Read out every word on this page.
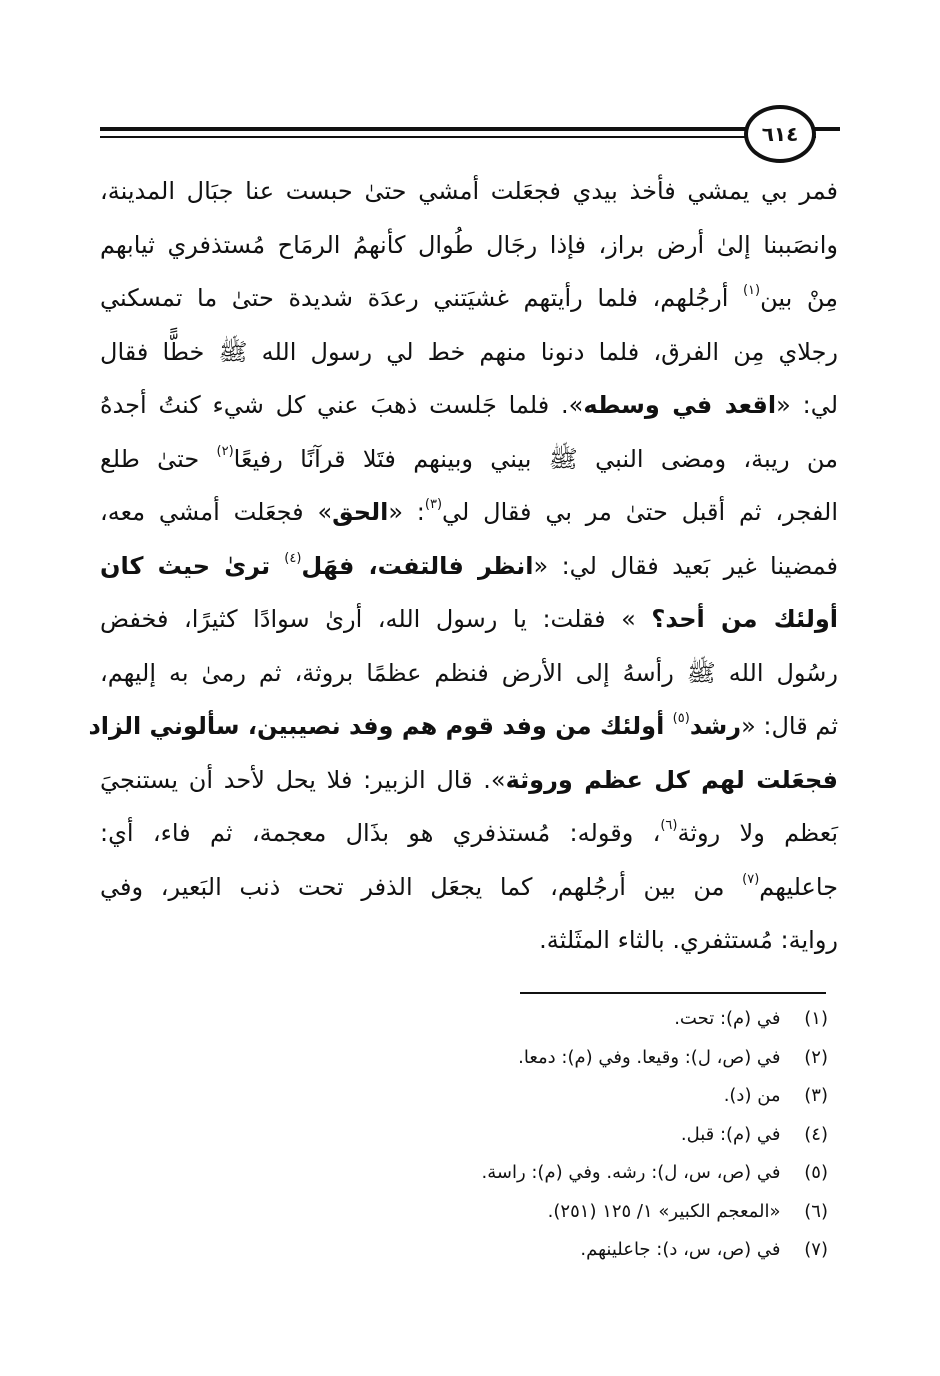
٦١٤
فمر بي يمشي فأخذ بيدي فجعَلت أمشي حتىٰ حبست عنا جبَال المدينة،
وانصَببنا إلىٰ أرض براز، فإذا رجَال طُوال كأنهمُ الرمَاح مُستذفري ثيابهم
مِنْ بين$^{(١)}$ أرجُلهم، فلما رأيتهم غشيَتني رعدَة شديدة حتىٰ ما تمسكني
رجلاي مِن الفرق، فلما دنونا منهم خط لي رسول الله ﷺ خطًّا فقال
لي: «اقعد في وسطه». فلما جَلست ذهبَ عني كل شيء كنتُ أجدهُ
من ريبة، ومضى النبي ﷺ بيني وبينهم فتَلا قرآنًا رفيعًا$^{(٢)}$ حتىٰ طلع
الفجر، ثم أقبل حتىٰ مر بي فقال لي$^{(٣)}$: «الحق» فجعَلت أمشي معه،
فمضينا غير بَعيد فقال لي: «انظر فالتفت، فهَل$^{(٤)}$ ترىٰ حيث كان
أولئك من أحد؟ » فقلت: يا رسول الله، أرىٰ سوادًا كثيرًا، فخفض
رسُول الله ﷺ رأسهُ إلى الأرض فنظم عظمًا بروثة، ثم رمىٰ به إليهم،
ثم قال: «رشد$^{(٥)}$ أولئك من وفد قوم هم وفد نصيبين، سألوني الزاد
فجعَلت لهم كل عظم وروثة». قال الزبير: فلا يحل لأحد أن يستنجيَ
بَعظم ولا روثة$^{(٦)}$، وقوله: مُستذفري هو بذَال معجمة، ثم فاء، أي:
جاعليهم$^{(٧)}$ من بين أرجُلهم، كما يجعَل الذفر تحت ذنب البَعير، وفي
رواية: مُستثفري. بالثاء المثَلثة.
(١)  في (م): تحت.
(٢)  في (ص، ل): وقيعا. وفي (م): دمعا.
(٣)  من (د).
(٤)  في (م): قبل.
(٥)  في (ص، س، ل): رشه. وفي (م): راسة.
(٦)  «المعجم الكبير» ١/ ١٢٥ (٢٥١).
(٧)  في (ص، س، د): جاعلينهم.
